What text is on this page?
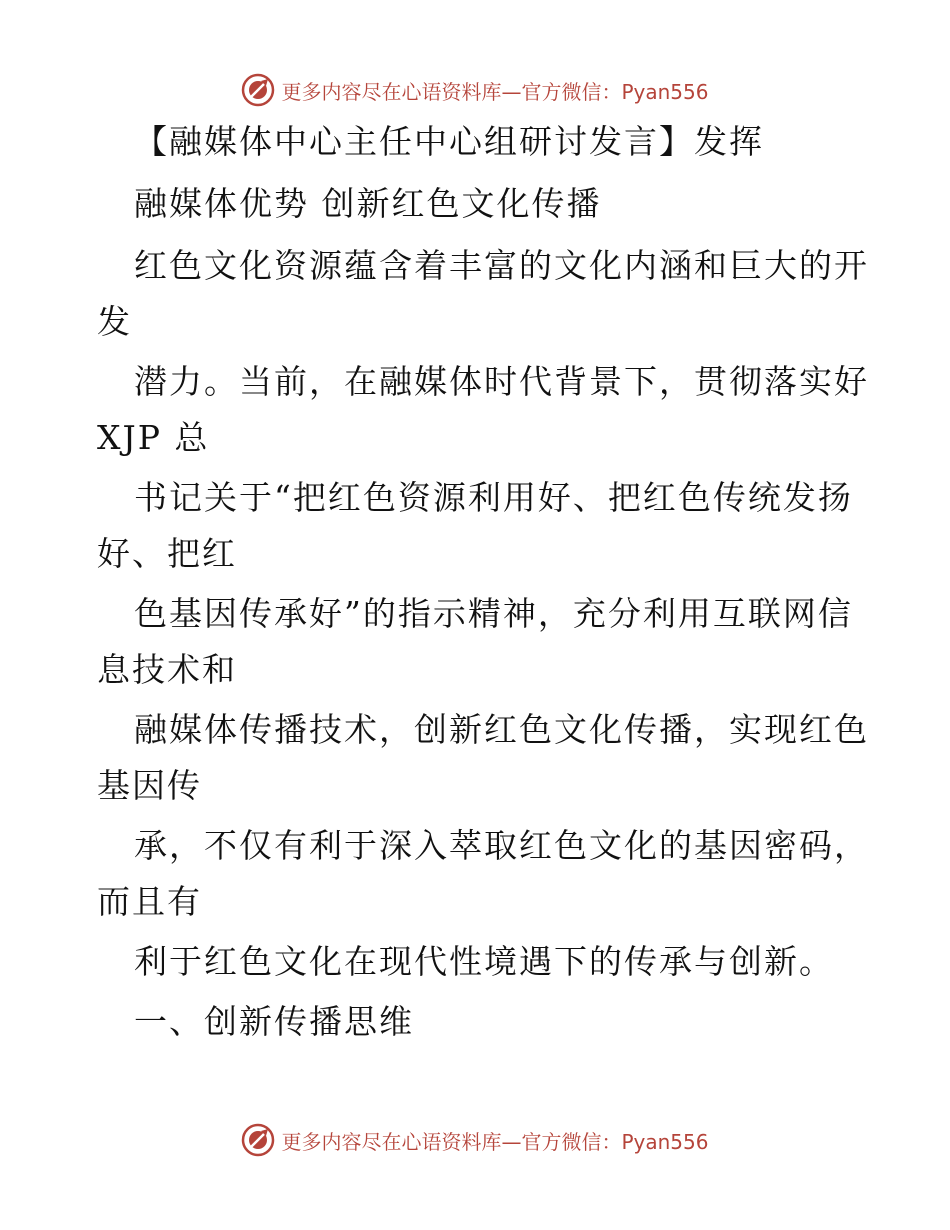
更多内容尽在心语资料库—官方微信：Pyan556
【融媒体中心主任中心组研讨发言】发挥
融媒体优势 创新红色文化传播
红色文化资源蕴含着丰富的文化内涵和巨大的开
发
潜力。当前，在融媒体时代背景下，贯彻落实好
XJP 总
书记关于“把红色资源利用好、把红色传统发扬
好、把红
色基因传承好”的指示精神，充分利用互联网信
息技术和
融媒体传播技术，创新红色文化传播，实现红色
基因传
承，不仅有利于深入萃取红色文化的基因密码，
而且有
利于红色文化在现代性境遇下的传承与创新。
一、创新传播思维
更多内容尽在心语资料库—官方微信：Pyan556
